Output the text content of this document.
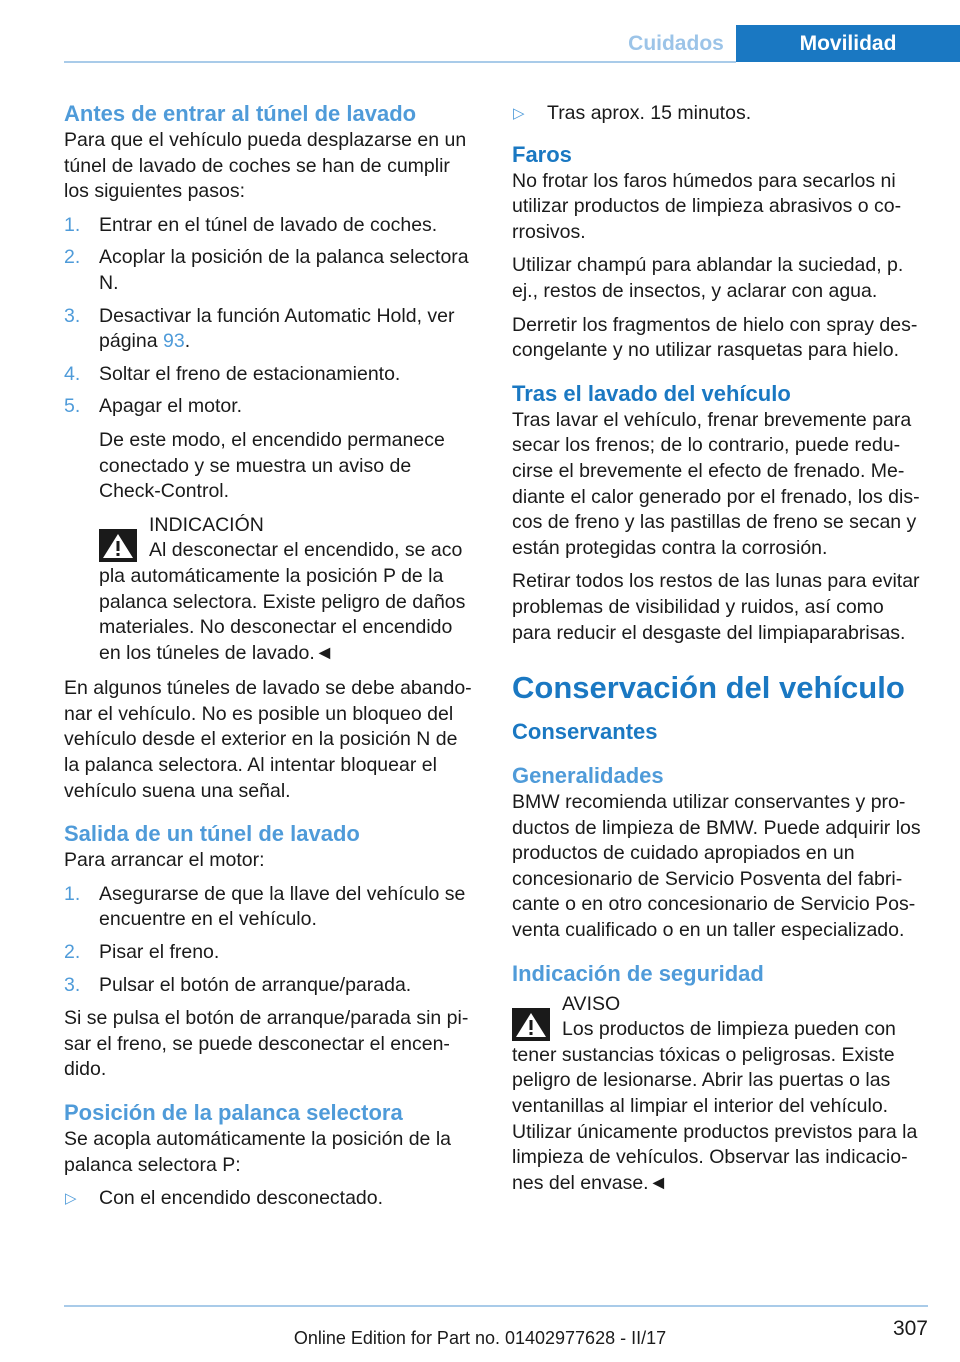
Cuidados	Movilidad
Antes de entrar al túnel de lavado

Para que el vehículo pueda desplazarse en un túnel de lavado de coches se han de cumplir los siguientes pasos:

1. Entrar en el túnel de lavado de coches.
2. Acoplar la posición de la palanca selectora N.
3. Desactivar la función Automatic Hold, ver página 93.
4. Soltar el freno de estacionamiento.
5. Apagar el motor.

De este modo, el encendido permanece conectado y se muestra un aviso de Check-Control.

INDICACIÓN
Al desconectar el encendido, se aco
pla automáticamente la posición P de la palanca selectora. Existe peligro de daños materiales. No desconectar el encendido en los túneles de lavado.◄

En algunos túneles de lavado se debe abandonar el vehículo. No es posible un bloqueo del vehículo desde el exterior en la posición N de la palanca selectora. Al intentar bloquear el vehículo suena una señal.

Salida de un túnel de lavado

Para arrancar el motor:

1. Asegurarse de que la llave del vehículo se encuentre en el vehículo.
2. Pisar el freno.
3. Pulsar el botón de arranque/parada.

Si se pulsa el botón de arranque/parada sin pisar el freno, se puede desconectar el encendido.

Posición de la palanca selectora

Se acopla automáticamente la posición de la palanca selectora P:

▷ Con el encendido desconectado.
▷ Tras aprox. 15 minutos.
Faros

No frotar los faros húmedos para secarlos ni utilizar productos de limpieza abrasivos o corrosivos.

Utilizar champú para ablandar la suciedad, p. ej., restos de insectos, y aclarar con agua.

Derretir los fragmentos de hielo con spray descongelante y no utilizar rasquetas para hielo.

Tras el lavado del vehículo

Tras lavar el vehículo, frenar brevemente para secar los frenos; de lo contrario, puede reducirse el brevemente el efecto de frenado. Mediante el calor generado por el frenado, los discos de freno y las pastillas de freno se secan y están protegidas contra la corrosión.

Retirar todos los restos de las lunas para evitar problemas de visibilidad y ruidos, así como para reducir el desgaste del limpiaparabrisas.

Conservación del vehículo
Conservantes
Generalidades

BMW recomienda utilizar conservantes y productos de limpieza de BMW. Puede adquirir los productos de cuidado apropiados en un concesionario de Servicio Posventa del fabricante o en otro concesionario de Servicio Posventa cualificado o en un taller especializado.

Indicación de seguridad
AVISO
Los productos de limpieza pueden con
tener sustancias tóxicas o peligrosas. Existe peligro de lesionarse. Abrir las puertas o las ventanillas al limpiar el interior del vehículo. Utilizar únicamente productos previstos para la limpieza de vehículos. Observar las indicaciones del envase.◄
307
Online Edition for Part no. 01402977628 - II/17
